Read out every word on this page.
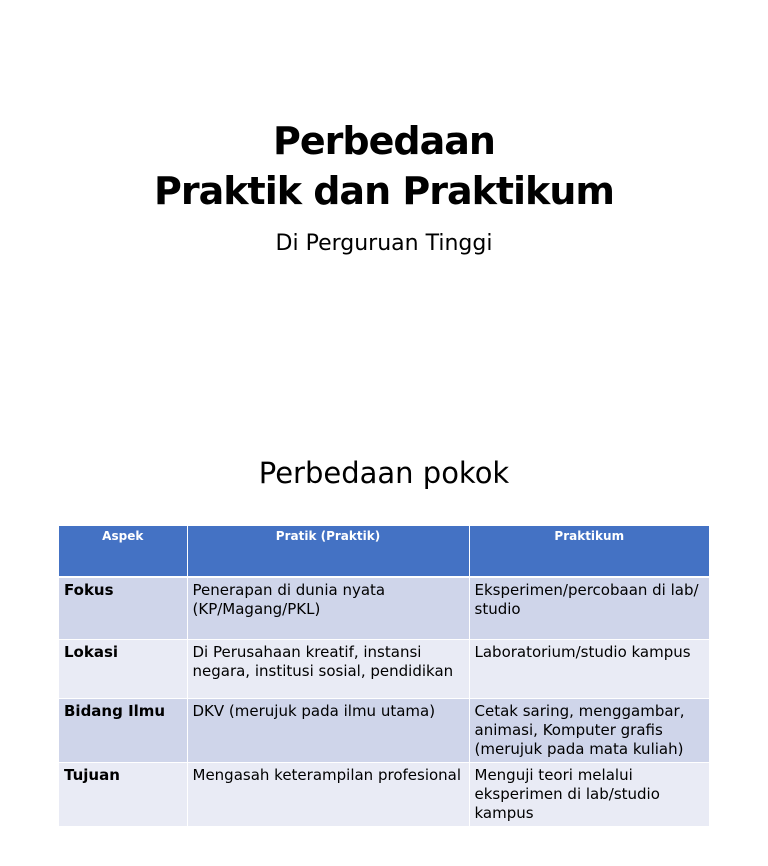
Perbedaan
Praktik dan Praktikum
Di Perguruan Tinggi
Perbedaan pokok
Aspek	Pratik (Praktik)	Praktikum
Fokus	Penerapan di dunia nyata (KP/Magang/PKL)	Eksperimen/percobaan di lab/ studio
Lokasi	Di Perusahaan kreatif, instansi negara, institusi sosial, pendidikan	Laboratorium/studio kampus
Bidang Ilmu	DKV (merujuk pada ilmu utama)	Cetak saring, menggambar, animasi, Komputer grafis (merujuk pada mata kuliah)
Tujuan	Mengasah keterampilan profesional	Menguji teori melalui eksperimen di lab/studio kampus
